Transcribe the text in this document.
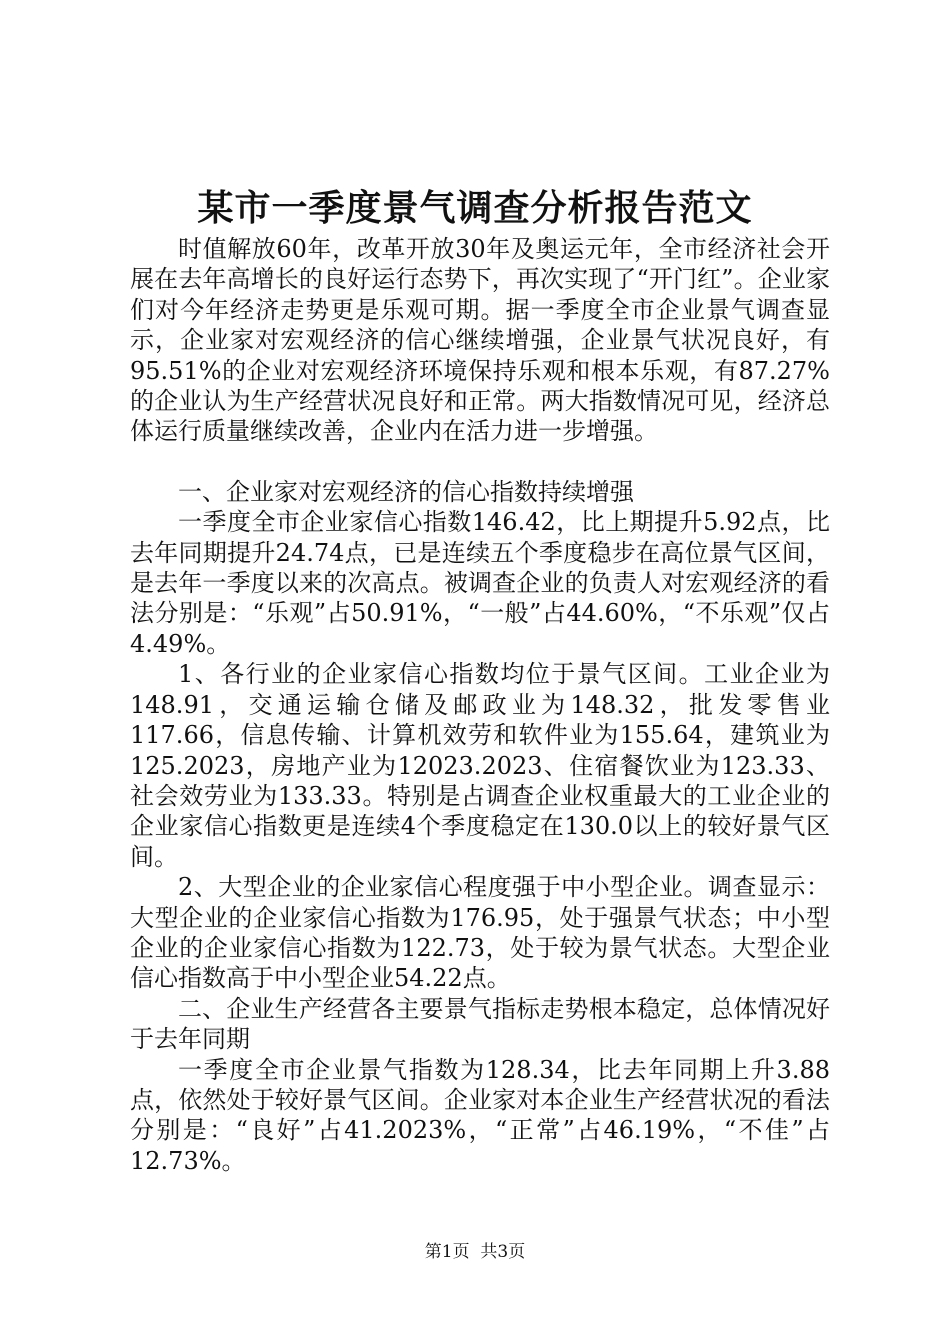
某市一季度景气调查分析报告范文

时值解放60年，改革开放30年及奥运元年，全市经济社会开展在去年高增长的良好运行态势下，再次实现了“开门红”。企业家们对今年经济走势更是乐观可期。据一季度全市企业景气调查显示，企业家对宏观经济的信心继续增强，企业景气状况良好，有95.51%的企业对宏观经济环境保持乐观和根本乐观，有87.27%的企业认为生产经营状况良好和正常。两大指数情况可见，经济总体运行质量继续改善，企业内在活力进一步增强。

一、企业家对宏观经济的信心指数持续增强

一季度全市企业家信心指数146.42，比上期提升5.92点，比去年同期提升24.74点，已是连续五个季度稳步在高位景气区间，是去年一季度以来的次高点。被调查企业的负责人对宏观经济的看法分别是：“乐观”占50.91%，“一般”占44.60%，“不乐观”仅占4.49%。

1、各行业的企业家信心指数均位于景气区间。工业企业为148.91，交通运输仓储及邮政业为148.32，批发零售业117.66，信息传输、计算机效劳和软件业为155.64，建筑业为125.2023，房地产业为12023.2023、住宿餐饮业为123.33、社会效劳业为133.33。特别是占调查企业权重最大的工业企业的企业家信心指数更是连续4个季度稳定在130.0以上的较好景气区间。

2、大型企业的企业家信心程度强于中小型企业。调查显示：大型企业的企业家信心指数为176.95，处于强景气状态；中小型企业的企业家信心指数为122.73，处于较为景气状态。大型企业信心指数高于中小型企业54.22点。

二、企业生产经营各主要景气指标走势根本稳定，总体情况好于去年同期

一季度全市企业景气指数为128.34，比去年同期上升3.88点，依然处于较好景气区间。企业家对本企业生产经营状况的看法分别是：“良好”占41.2023%，“正常”占46.19%，“不佳”占12.73%。

第1页 共3页
